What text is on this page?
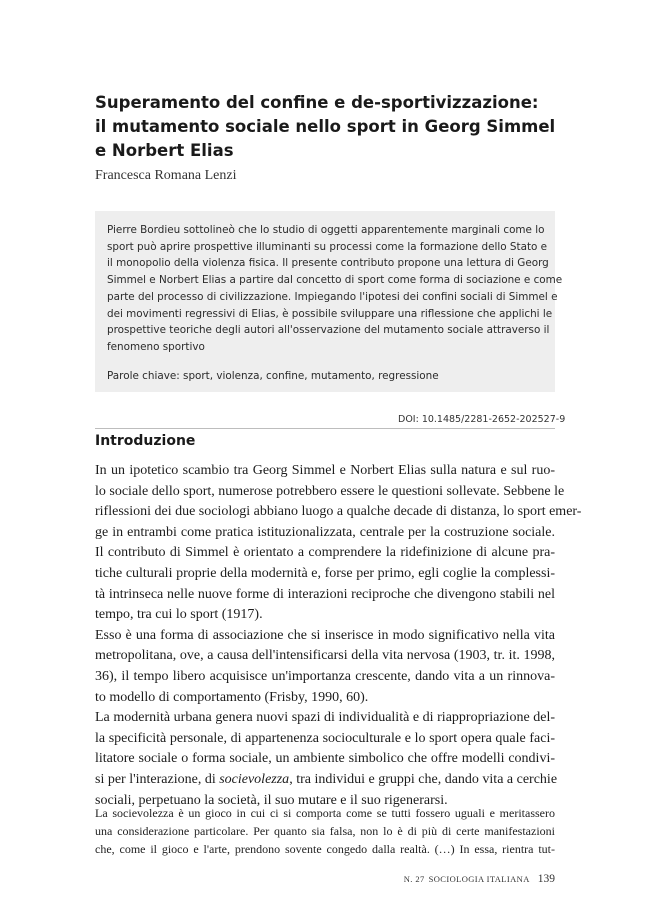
Superamento del confine e de-sportivizzazione:
il mutamento sociale nello sport in Georg Simmel
e Norbert Elias

Francesca Romana Lenzi

Pierre Bordieu sottolineò che lo studio di oggetti apparentemente marginali come lo
sport può aprire prospettive illuminanti su processi come la formazione dello Stato e
il monopolio della violenza fisica. Il presente contributo propone una lettura di Georg
Simmel e Norbert Elias a partire dal concetto di sport come forma di sociazione e come
parte del processo di civilizzazione. Impiegando l'ipotesi dei confini sociali di Simmel e
dei movimenti regressivi di Elias, è possibile sviluppare una riflessione che applichi le
prospettive teoriche degli autori all'osservazione del mutamento sociale attraverso il
fenomeno sportivo
Parole chiave: sport, violenza, confine, mutamento, regressione

DOI: 10.1485/2281-2652-202527-9

Introduzione
In un ipotetico scambio tra Georg Simmel e Norbert Elias sulla natura e sul ruo-
lo sociale dello sport, numerose potrebbero essere le questioni sollevate. Sebbene le
riflessioni dei due sociologi abbiano luogo a qualche decade di distanza, lo sport emer-
ge in entrambi come pratica istituzionalizzata, centrale per la costruzione sociale.
Il contributo di Simmel è orientato a comprendere la ridefinizione di alcune pra-
tiche culturali proprie della modernità e, forse per primo, egli coglie la complessi-
tà intrinseca nelle nuove forme di interazioni reciproche che divengono stabili nel
tempo, tra cui lo sport (1917).
Esso è una forma di associazione che si inserisce in modo significativo nella vita
metropolitana, ove, a causa dell'intensificarsi della vita nervosa (1903, tr. it. 1998,
36), il tempo libero acquisisce un'importanza crescente, dando vita a un rinnova-
to modello di comportamento (Frisby, 1990, 60).
La modernità urbana genera nuovi spazi di individualità e di riappropriazione del-
la specificità personale, di appartenenza socioculturale e lo sport opera quale faci-
litatore sociale o forma sociale, un ambiente simbolico che offre modelli condivi-
si per l'interazione, di socievolezza, tra individui e gruppi che, dando vita a cerchie
sociali, perpetuano la società, il suo mutare e il suo rigenerarsi.
La socievolezza è un gioco in cui ci si comporta come se tutti fossero uguali e meritassero
una considerazione particolare. Per quanto sia falsa, non lo è di più di certe manifestazioni
che, come il gioco e l'arte, prendono sovente congedo dalla realtà. (…) In essa, rientra tut-
N. 27 SOCIOLOGIA ITALIANA 139
